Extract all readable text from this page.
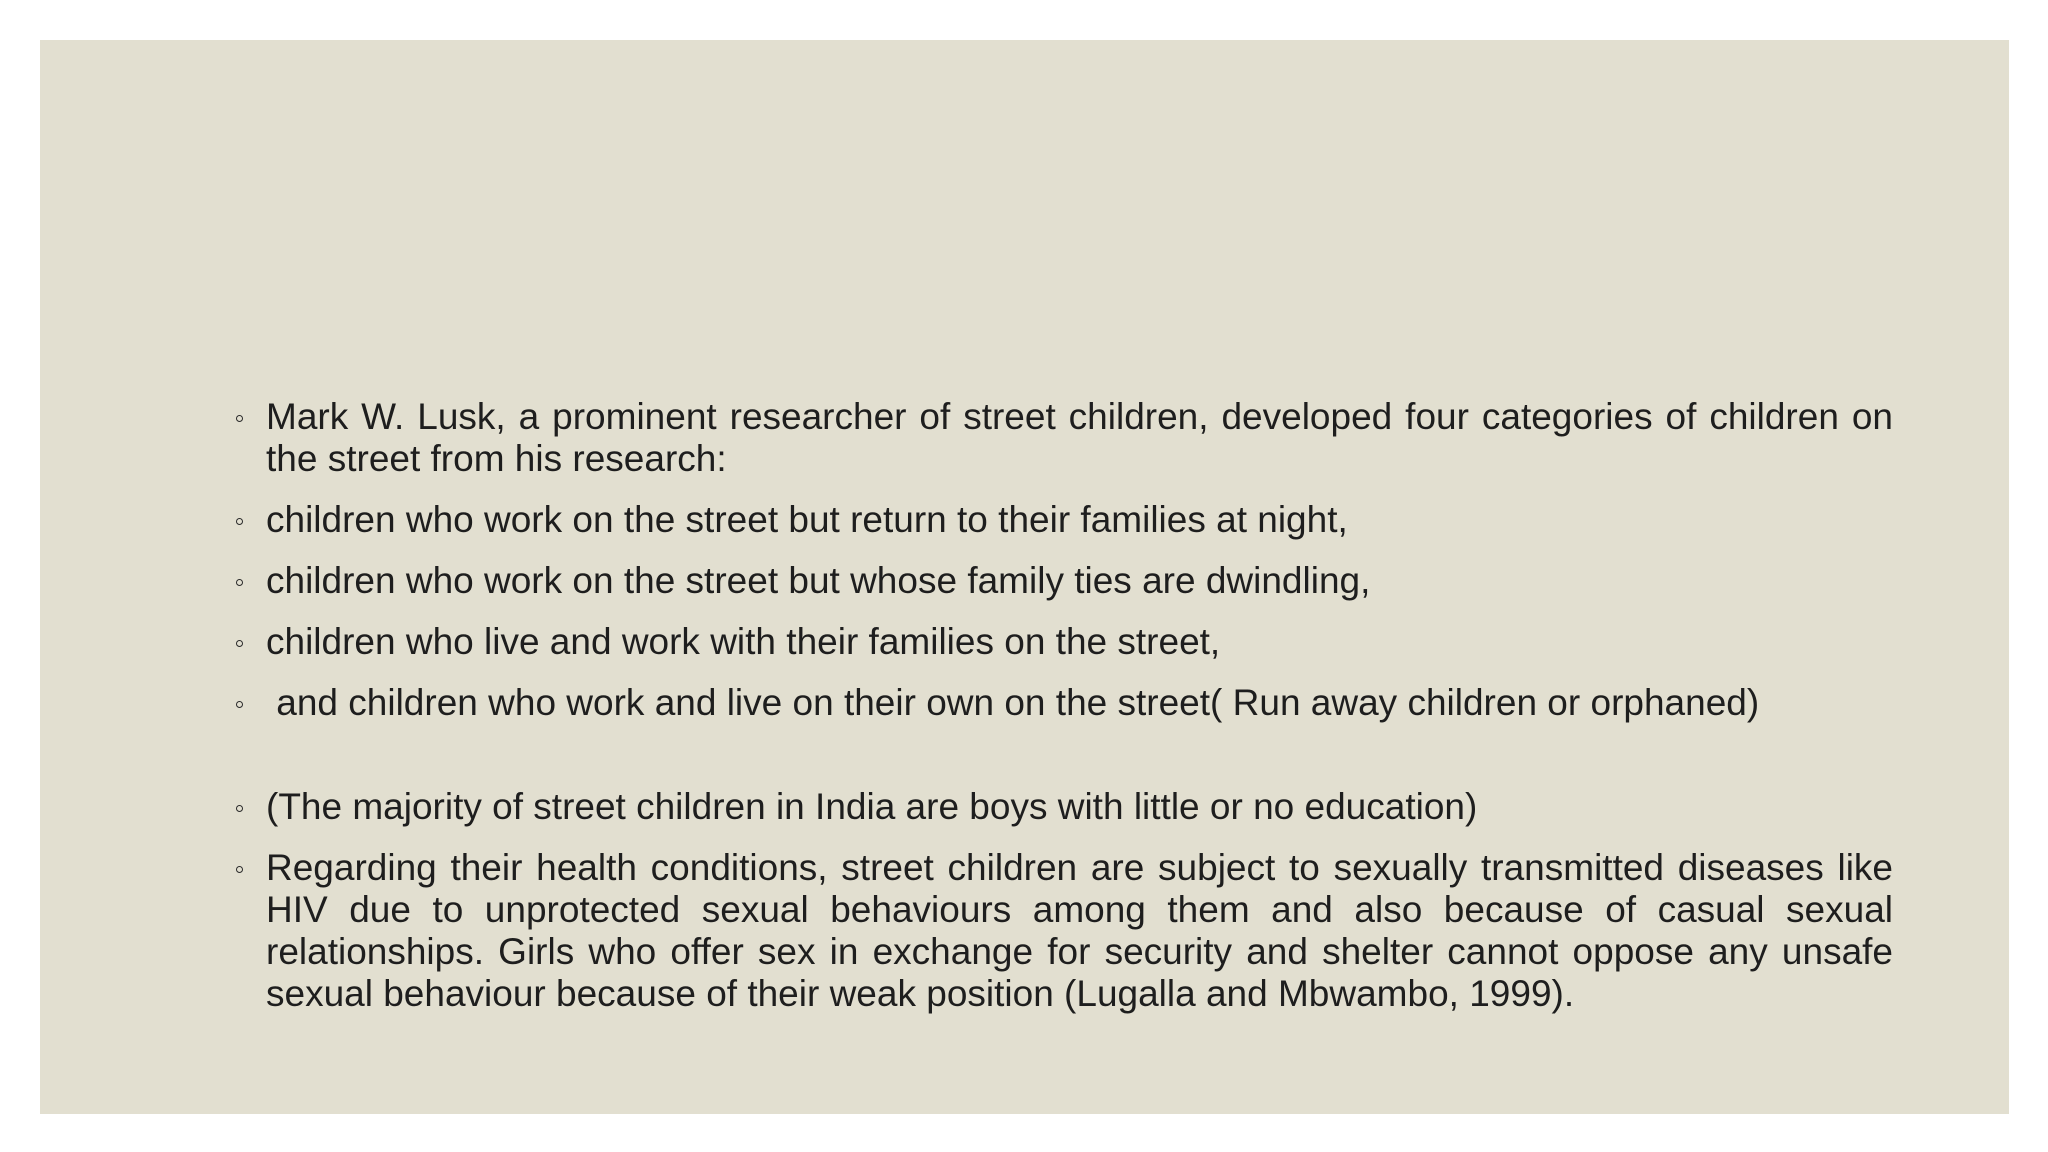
Mark W. Lusk, a prominent researcher of street children, developed four categories of children on the street from his research:
children who work on the street but return to their families at night,
children who work on the street but whose family ties are dwindling,
children who live and work with their families on the street,
and children who work and live on their own on the street( Run away children or orphaned)
(The majority of street children in India are boys with little or no education)
Regarding their health conditions, street children are subject to sexually transmitted diseases like HIV due to unprotected sexual behaviours among them and also because of casual sexual relationships. Girls who offer sex in exchange for security and shelter cannot oppose any unsafe sexual behaviour because of their weak position (Lugalla and Mbwambo, 1999).
